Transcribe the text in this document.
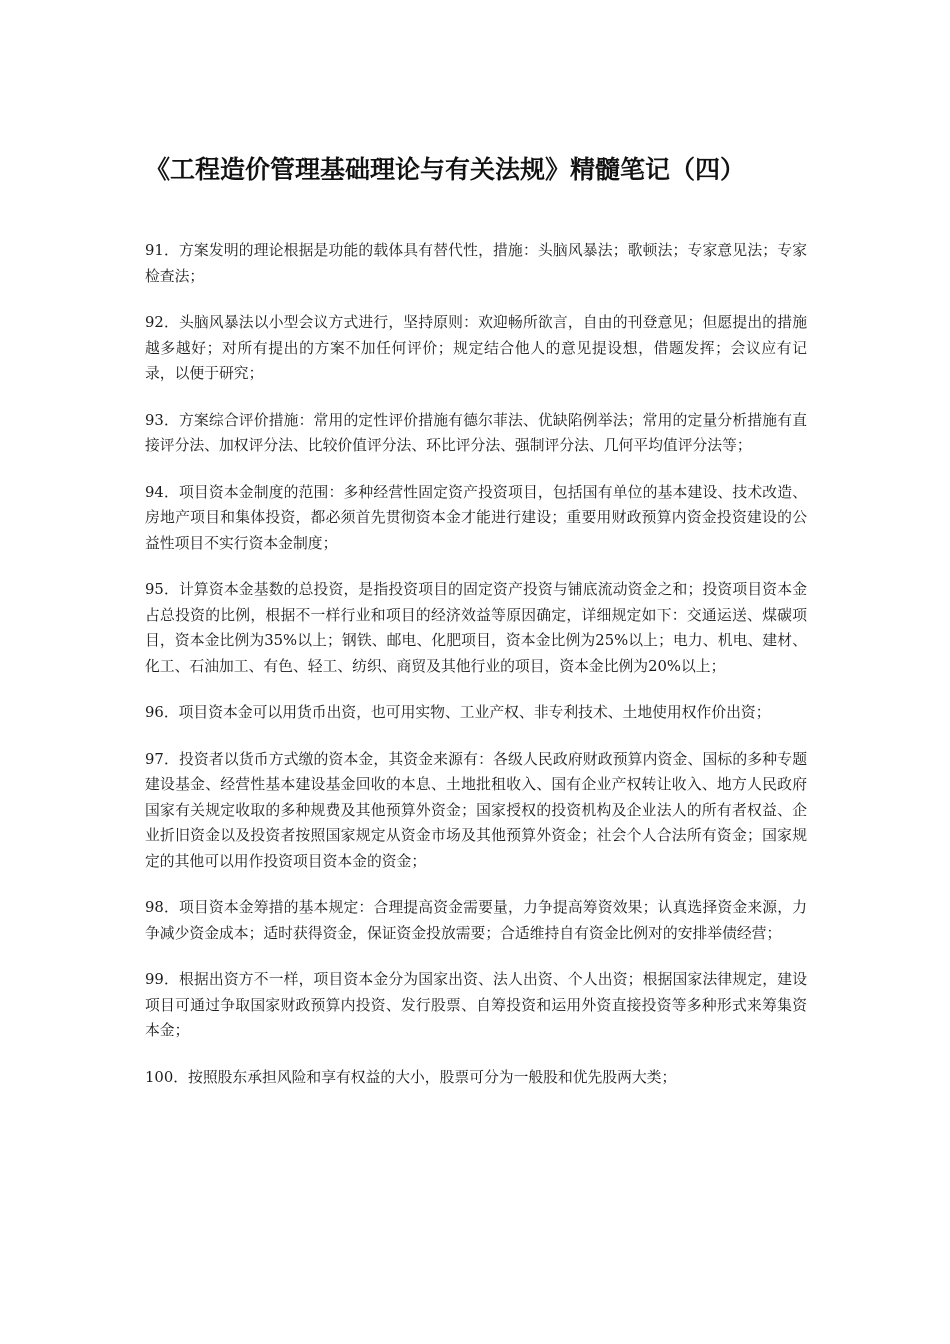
《工程造价管理基础理论与有关法规》精髓笔记（四）

91．方案发明的理论根据是功能的载体具有替代性，措施：头脑风暴法；歌顿法；专家意见法；专家检查法；

92．头脑风暴法以小型会议方式进行，坚持原则：欢迎畅所欲言，自由的刊登意见；但愿提出的措施越多越好；对所有提出的方案不加任何评价；规定结合他人的意见提设想，借题发挥；会议应有记录，以便于研究；

93．方案综合评价措施：常用的定性评价措施有德尔菲法、优缺陷例举法；常用的定量分析措施有直接评分法、加权评分法、比较价值评分法、环比评分法、强制评分法、几何平均值评分法等；

94．项目资本金制度的范围：多种经营性固定资产投资项目，包括国有单位的基本建设、技术改造、房地产项目和集体投资，都必须首先贯彻资本金才能进行建设；重要用财政预算内资金投资建设的公益性项目不实行资本金制度；

95．计算资本金基数的总投资，是指投资项目的固定资产投资与铺底流动资金之和；投资项目资本金占总投资的比例，根据不一样行业和项目的经济效益等原因确定，详细规定如下：交通运送、煤碳项目，资本金比例为35%以上；钢铁、邮电、化肥项目，资本金比例为25%以上；电力、机电、建材、化工、石油加工、有色、轻工、纺织、商贸及其他行业的项目，资本金比例为20%以上；

96．项目资本金可以用货币出资，也可用实物、工业产权、非专利技术、土地使用权作价出资；

97．投资者以货币方式缴的资本金，其资金来源有：各级人民政府财政预算内资金、国标的多种专题建设基金、经营性基本建设基金回收的本息、土地批租收入、国有企业产权转让收入、地方人民政府国家有关规定收取的多种规费及其他预算外资金；国家授权的投资机构及企业法人的所有者权益、企业折旧资金以及投资者按照国家规定从资金市场及其他预算外资金；社会个人合法所有资金；国家规定的其他可以用作投资项目资本金的资金；

98．项目资本金筹措的基本规定：合理提高资金需要量，力争提高筹资效果；认真选择资金来源，力争减少资金成本；适时获得资金，保证资金投放需要；合适维持自有资金比例对的安排举债经营；

99．根据出资方不一样，项目资本金分为国家出资、法人出资、个人出资；根据国家法律规定，建设项目可通过争取国家财政预算内投资、发行股票、自筹投资和运用外资直接投资等多种形式来筹集资本金；

100．按照股东承担风险和享有权益的大小，股票可分为一般股和优先股两大类；
